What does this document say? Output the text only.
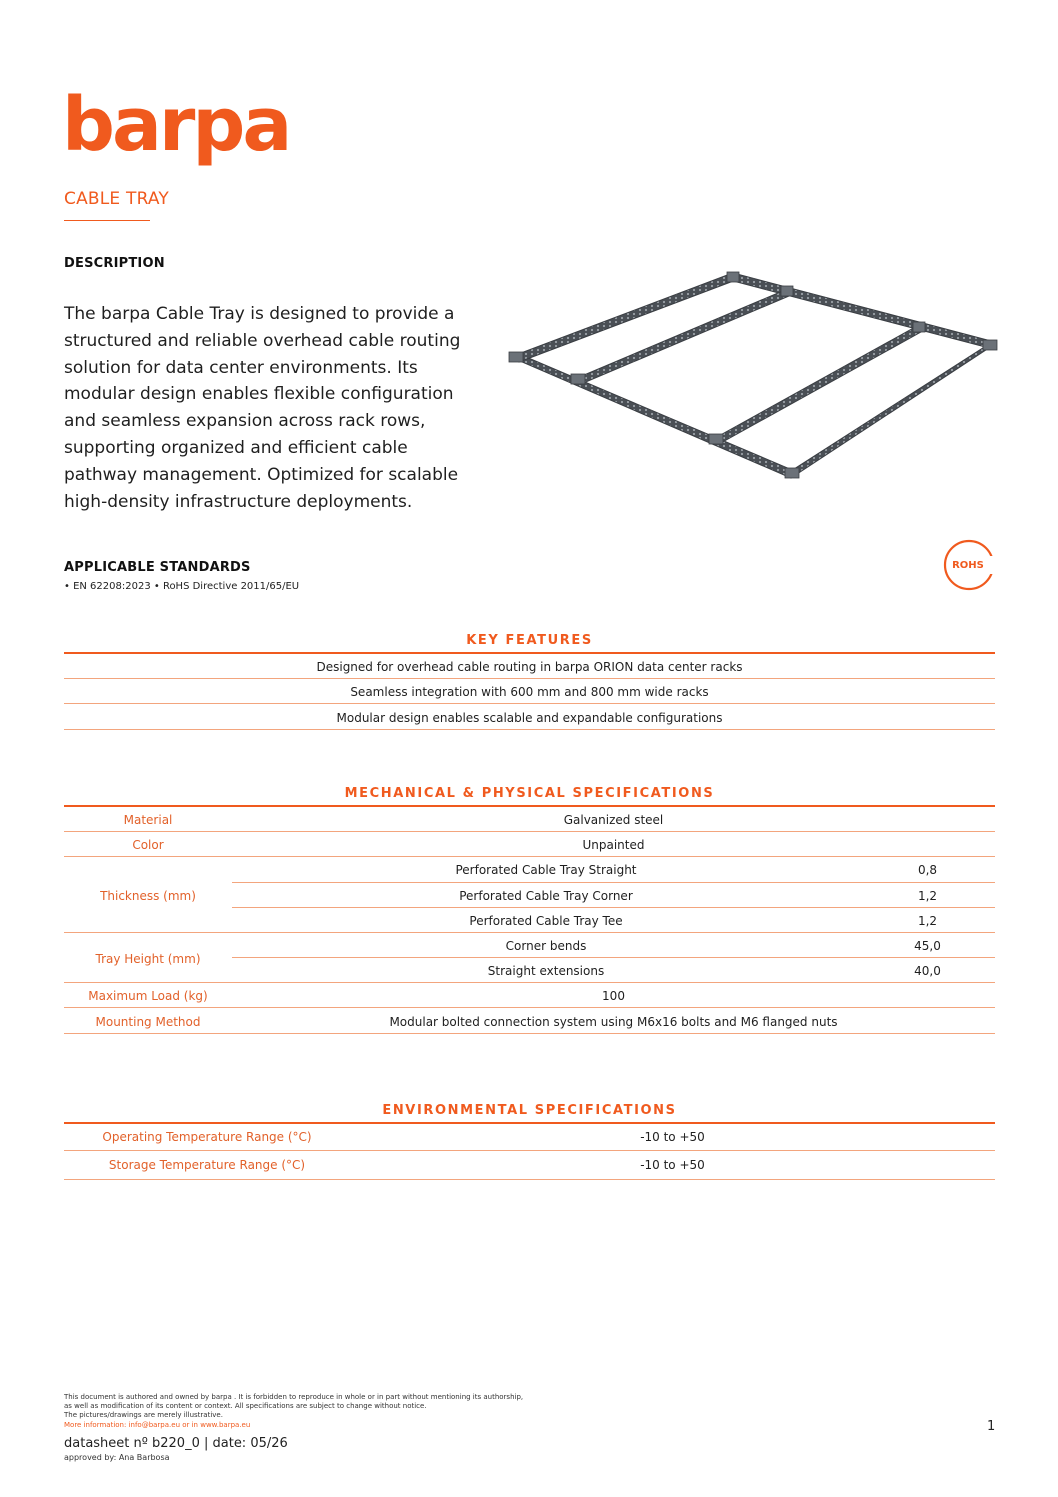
barpa
CABLE TRAY
DESCRIPTION

The barpa Cable Tray is designed to provide a structured and reliable overhead cable routing solution for data center environments. Its modular design enables flexible configuration and seamless expansion across rack rows, supporting organized and efficient cable pathway management. Optimized for scalable high-density infrastructure deployments.

APPLICABLE STANDARDS
• EN 62208:2023 • RoHS Directive 2011/65/EU
ROHS
KEY FEATURES
Designed for overhead cable routing in barpa ORION data center racks
Seamless integration with 600 mm and 800 mm wide racks
Modular design enables scalable and expandable configurations
MECHANICAL & PHYSICAL SPECIFICATIONS
Material	Galvanized steel
Color	Unpainted
Thickness (mm)
Perforated Cable Tray Straight	0,8
Perforated Cable Tray Corner	1,2
Perforated Cable Tray Tee	1,2
Tray Height (mm)
Corner bends	45,0
Straight extensions	40,0
Maximum Load (kg)	100
Mounting Method	Modular bolted connection system using M6x16 bolts and M6 flanged nuts
ENVIRONMENTAL SPECIFICATIONS
Operating Temperature Range (°C)	-10 to +50
Storage Temperature Range (°C)	-10 to +50
This document is authored and owned by barpa . It is forbidden to reproduce in whole or in part without mentioning its authorship,
as well as modification of its content or context. All specifications are subject to change without notice.
The pictures/drawings are merely illustrative.
More information: info@barpa.eu or in www.barpa.eu
datasheet nº b220_0 | date: 05/26
approved by: Ana Barbosa
1
